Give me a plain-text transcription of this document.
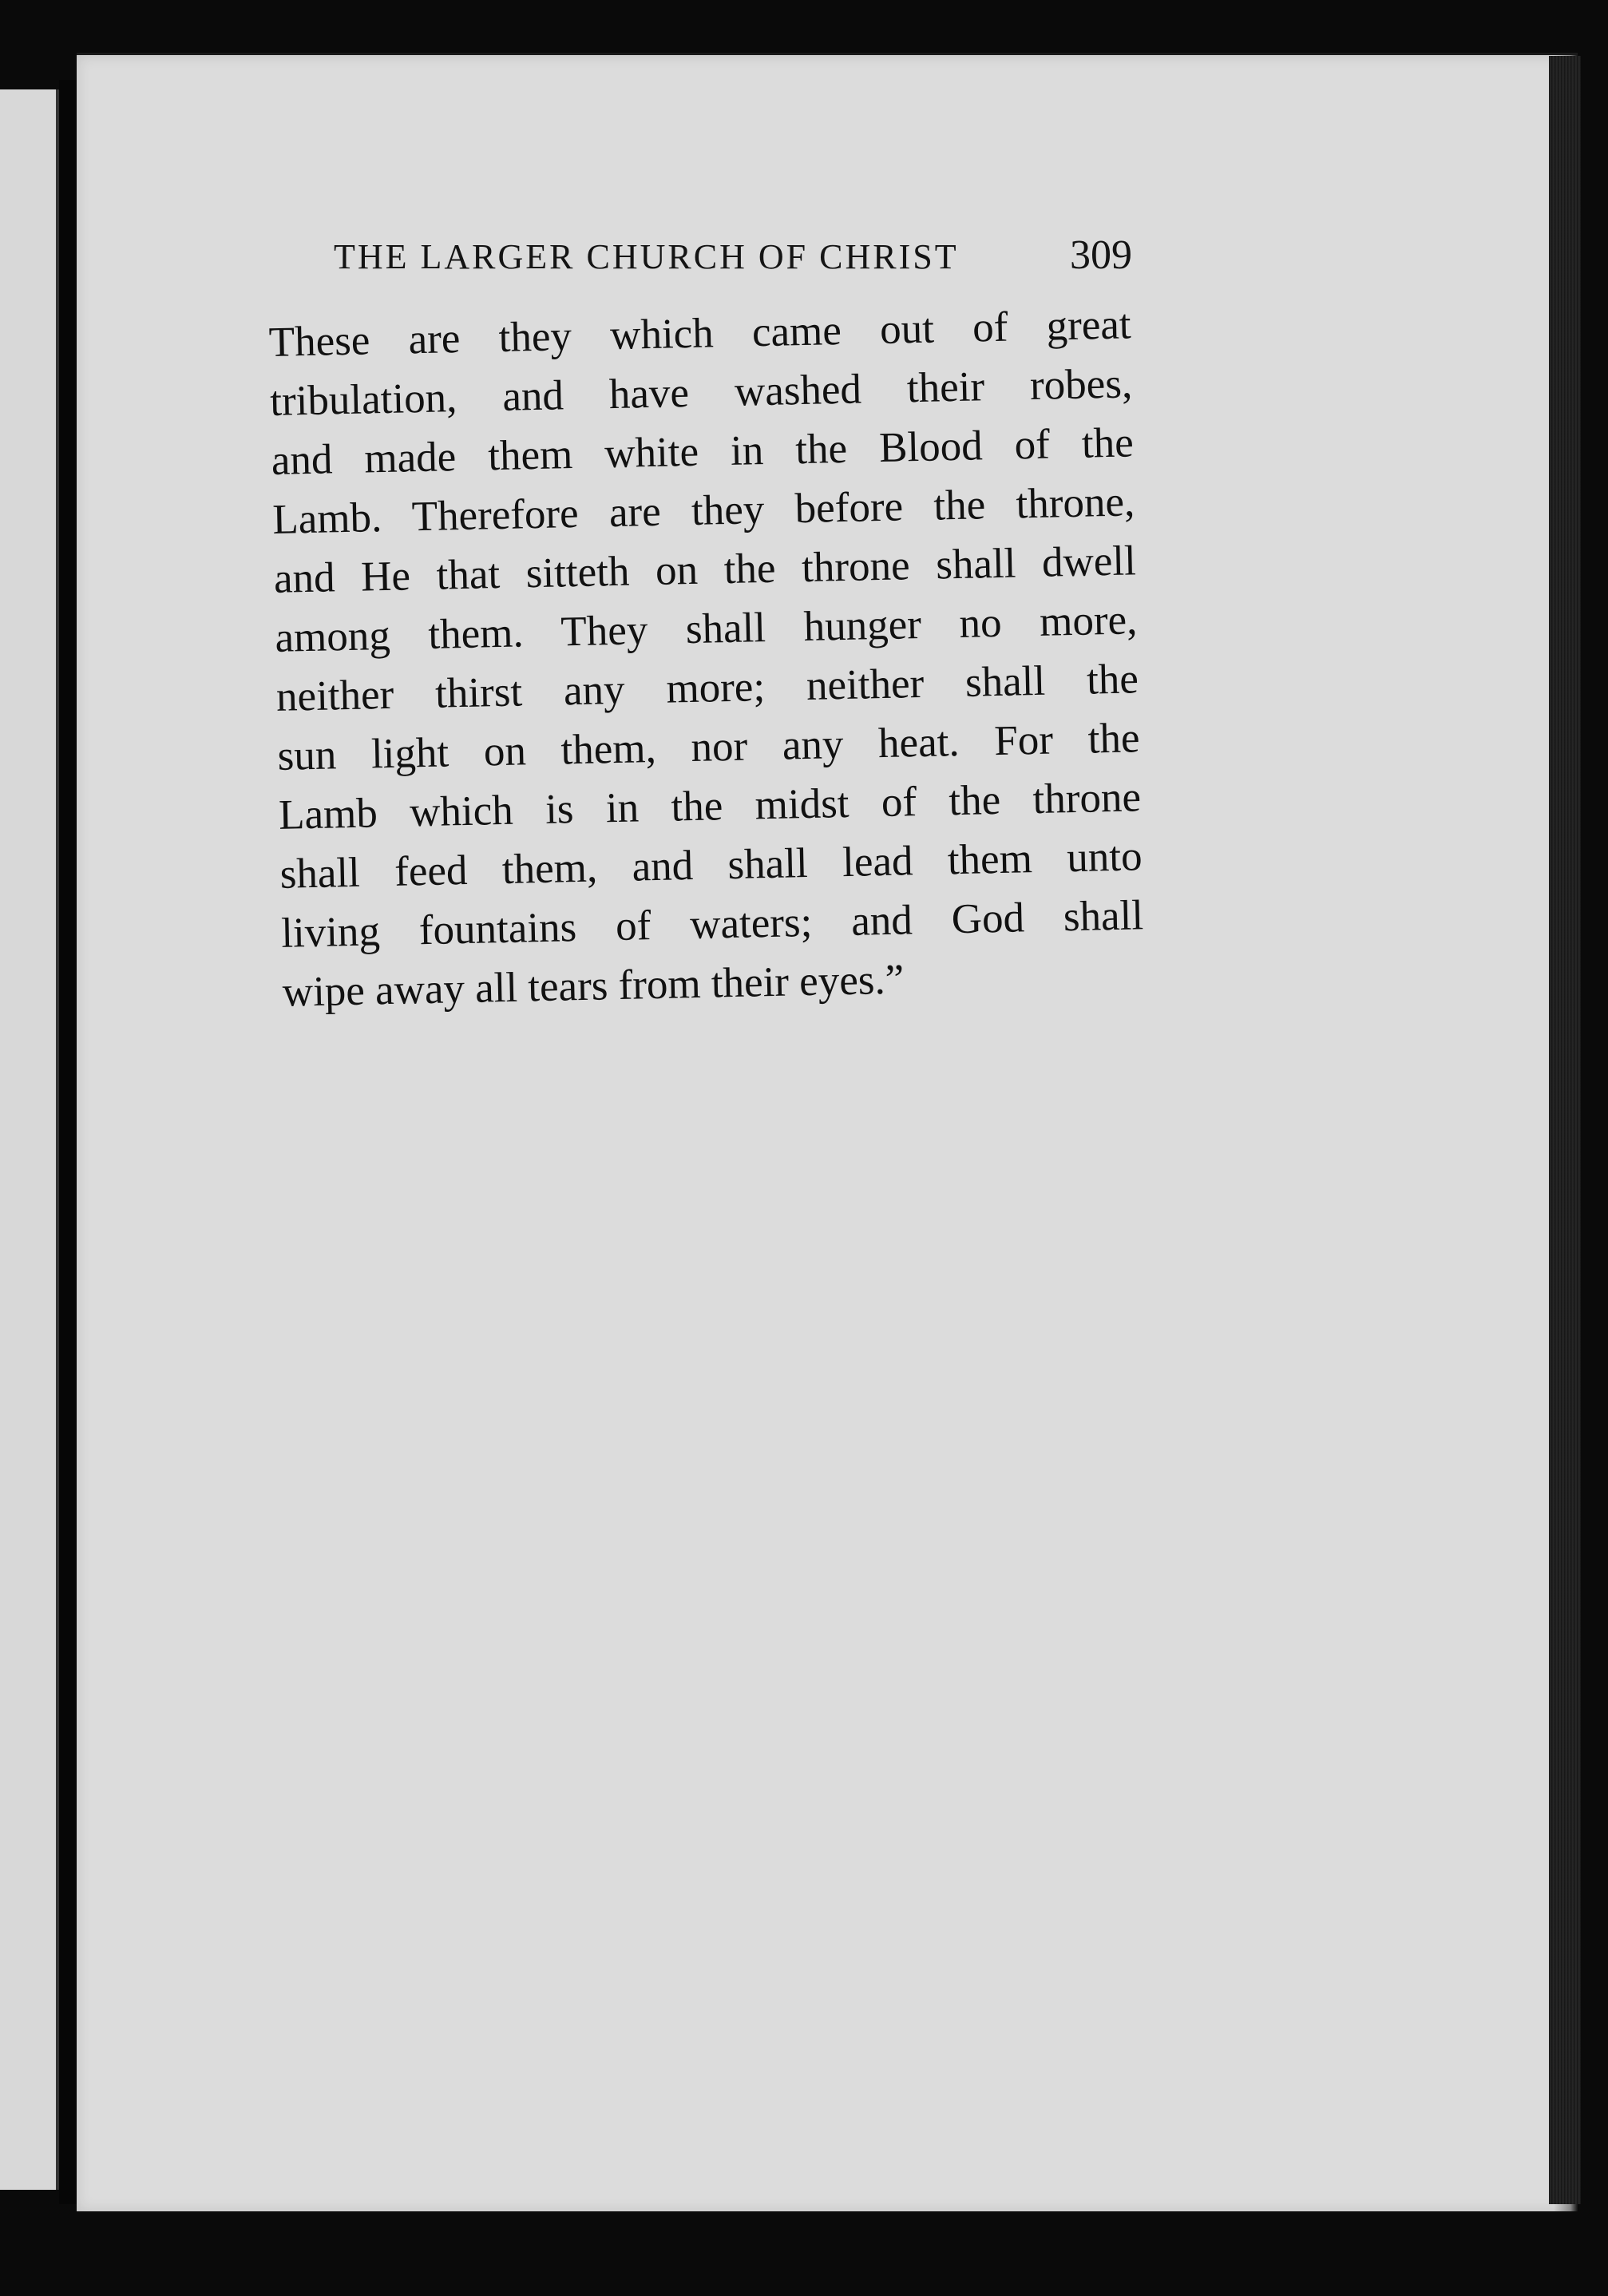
THE LARGER CHURCH OF CHRIST	309
These are they which came out of great
tribulation, and have washed their robes,
and made them white in the Blood of the
Lamb. Therefore are they before the throne,
and He that sitteth on the throne shall dwell
among them. They shall hunger no more,
neither thirst any more; neither shall the
sun light on them, nor any heat. For the
Lamb which is in the midst of the throne
shall feed them, and shall lead them unto
living fountains of waters; and God shall
wipe away all tears from their eyes.”
